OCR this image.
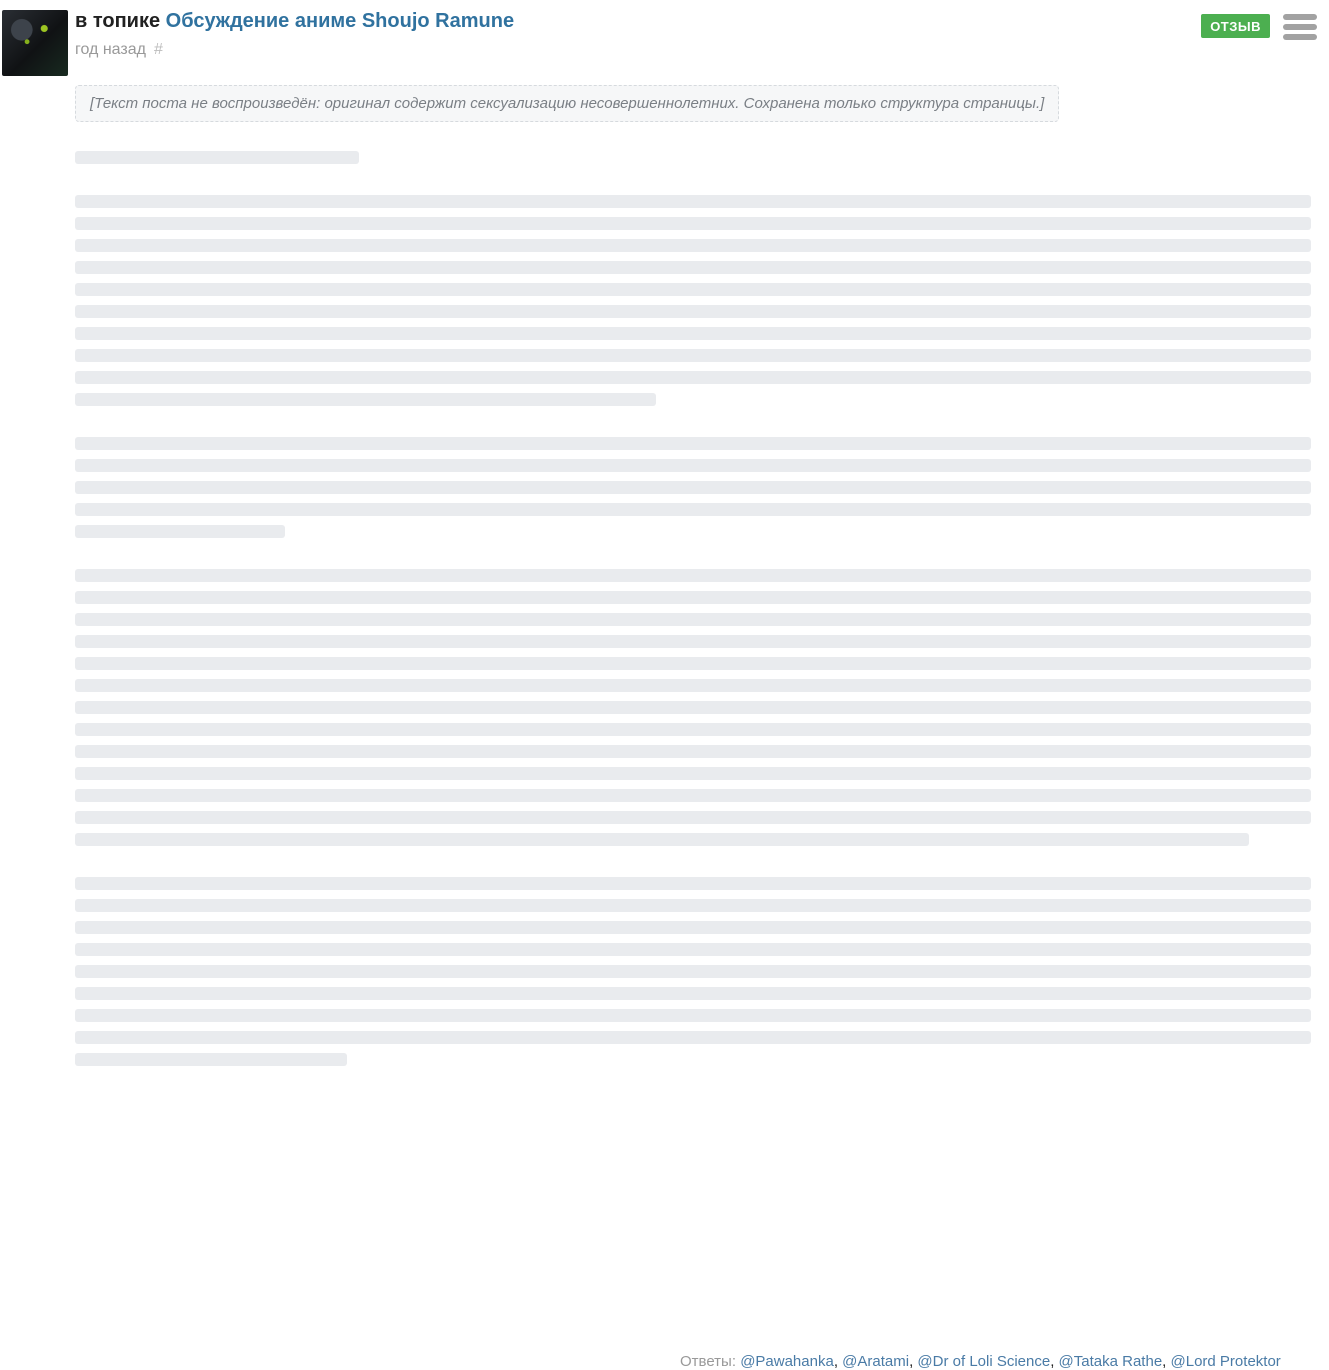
ОТЗЫВ
в топике Обсуждение аниме Shoujo Ramune
год назад #
[Текст поста не воспроизведён: оригинал содержит сексуализацию несовершеннолетних. Сохранена только структура страницы.]
Ответы: @Pawahanka, @Aratami, @Dr of Loli Science, @Tataka Rathe, @Lord Protektor
